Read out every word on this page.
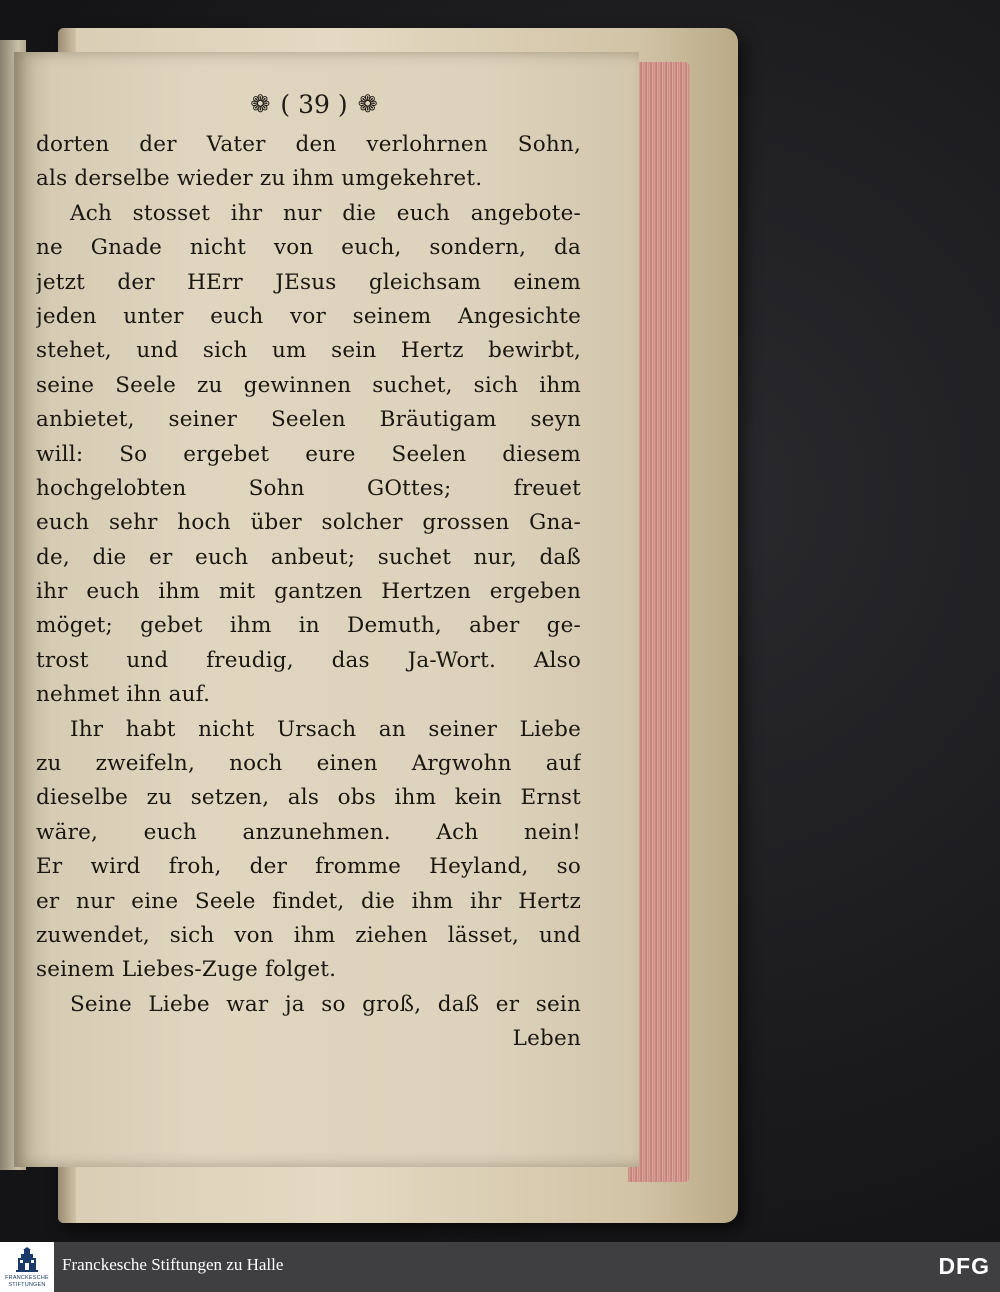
❁ ( 39 ) ❁
dorten der Vater den verlohrnen Sohn,
als derselbe wieder zu ihm umgekehret.
Ach stosset ihr nur die euch angebote-
ne Gnade nicht von euch, sondern, da
jetzt der HErr JEsus gleichsam einem
jeden unter euch vor seinem Angesichte
stehet, und sich um sein Hertz bewirbt,
seine Seele zu gewinnen suchet, sich ihm
anbietet, seiner Seelen Bräutigam seyn
will: So ergebet eure Seelen diesem
hochgelobten Sohn GOttes; freuet
euch sehr hoch über solcher grossen Gna-
de, die er euch anbeut; suchet nur, daß
ihr euch ihm mit gantzen Hertzen ergeben
möget; gebet ihm in Demuth, aber ge-
trost und freudig, das Ja-Wort. Also
nehmet ihn auf.
Ihr habt nicht Ursach an seiner Liebe
zu zweifeln, noch einen Argwohn auf
dieselbe zu setzen, als obs ihm kein Ernst
wäre, euch anzunehmen. Ach nein!
Er wird froh, der fromme Heyland, so
er nur eine Seele findet, die ihm ihr Hertz
zuwendet, sich von ihm ziehen lässet, und
seinem Liebes-Zuge folget.
Seine Liebe war ja so groß, daß er sein
Leben
FRANCKESCHE
STIFTUNGEN
Franckesche Stiftungen zu Halle	DFG
